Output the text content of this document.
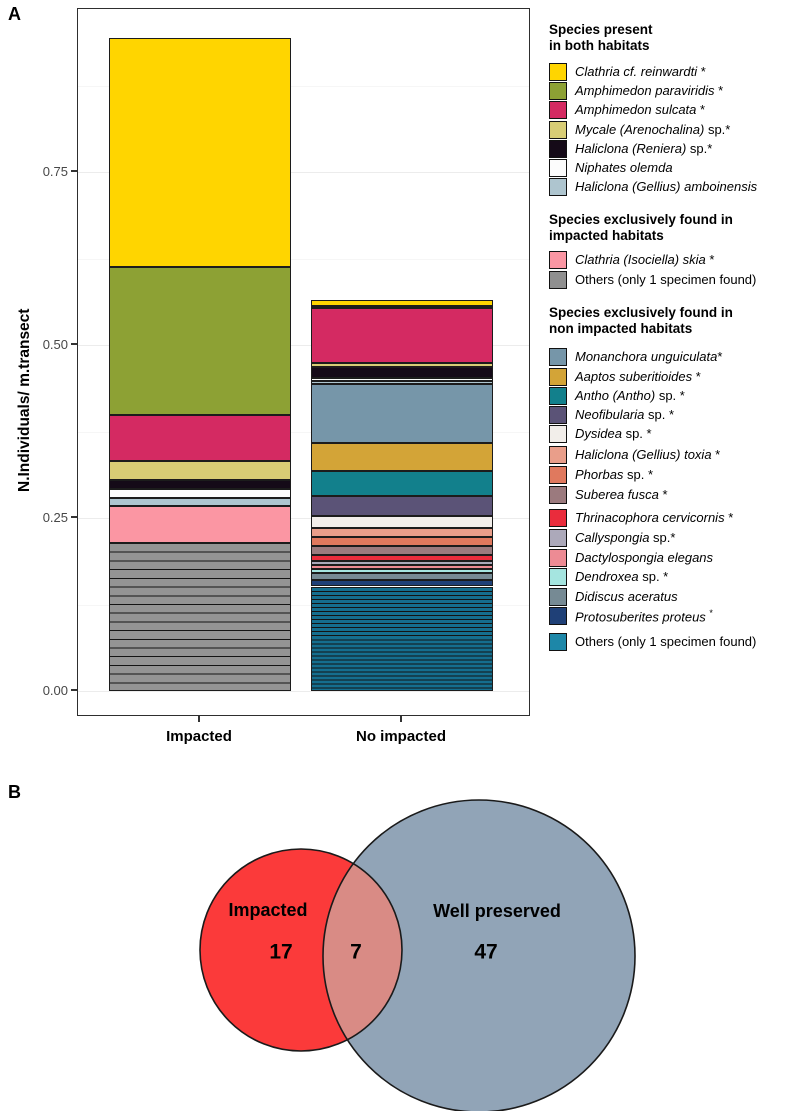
A
N.Individuals/ m.transect
0.00
0.25
0.50
0.75
Impacted	No impacted
Species present
in both habitats
Clathria cf. reinwardti *
Amphimedon paraviridis *
Amphimedon sulcata *
Mycale (Arenochalina) sp.*
Haliclona (Reniera) sp.*
Niphates olemda
Haliclona (Gellius) amboinensis
Species exclusively found in
impacted habitats
Clathria (Isociella) skia *
Others (only 1 specimen found)
Species exclusively found in
non impacted habitats
Monanchora unguiculata*
Aaptos suberitioides *
Antho (Antho) sp. *
Neofibularia sp. *
Dysidea sp. *
Haliclona (Gellius) toxia *
Phorbas sp. *
Suberea fusca *
Thrinacophora cervicornis *
Callyspongia sp.*
Dactylospongia elegans
Dendroxea sp. *
Didiscus aceratus
Protosuberites proteus *
Others (only 1 specimen found)
B
Impacted
17	7
Well preserved
47
